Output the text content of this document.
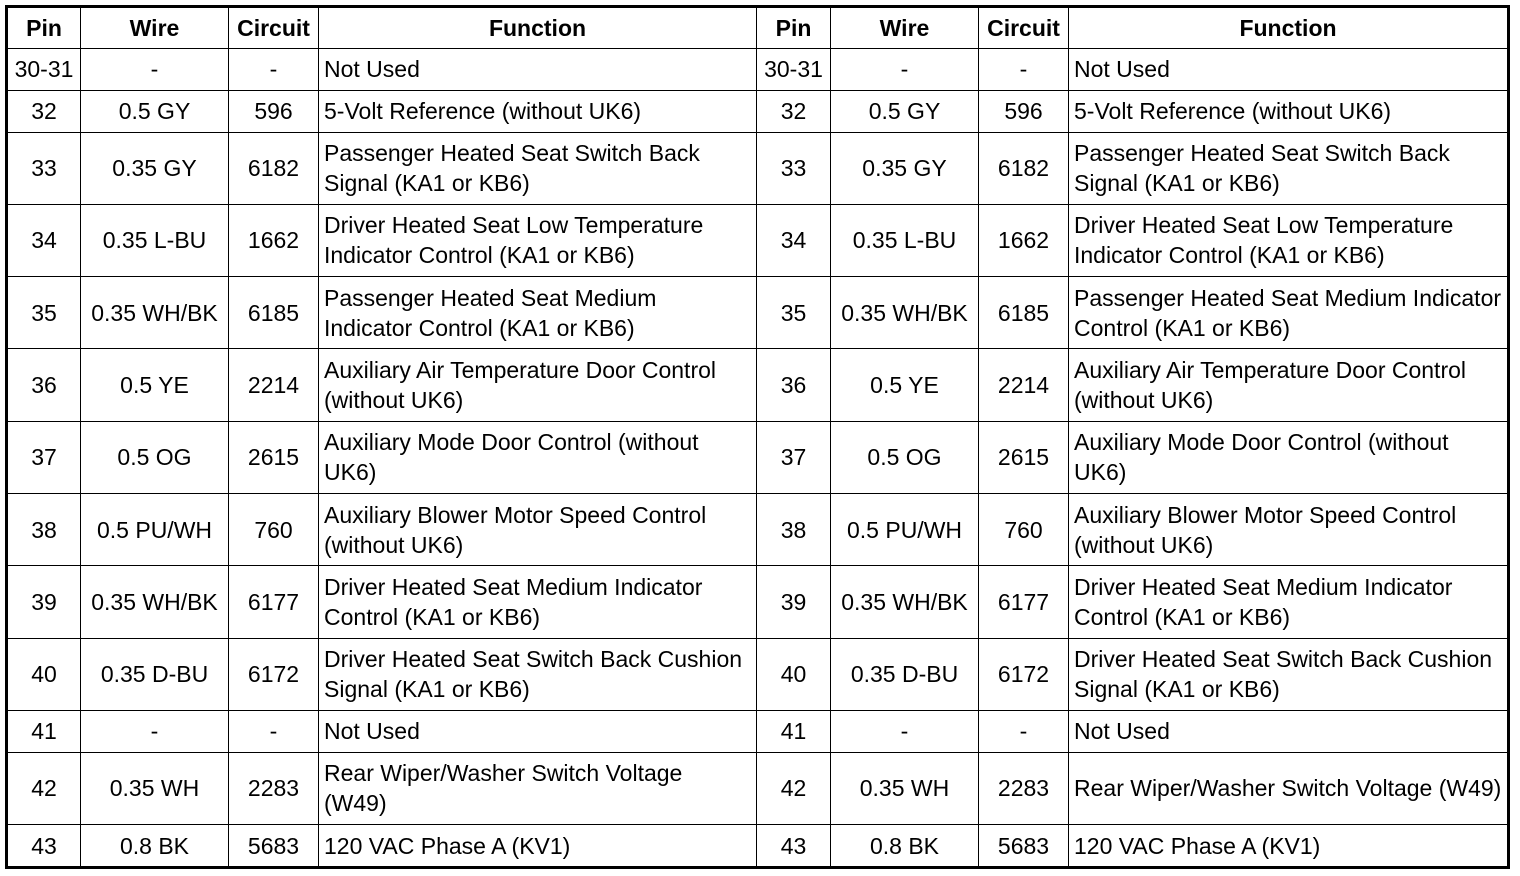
Pin	Wire	Circuit	Function	Pin	Wire	Circuit	Function
30-31	-	-	Not Used	30-31	-	-	Not Used
32	0.5 GY	596	5-Volt Reference (without UK6)	32	0.5 GY	596	5-Volt Reference (without UK6)
33	0.35 GY	6182	Passenger Heated Seat Switch Back Signal (KA1 or KB6)	33	0.35 GY	6182	Passenger Heated Seat Switch Back Signal (KA1 or KB6)
34	0.35 L-BU	1662	Driver Heated Seat Low Temperature Indicator Control (KA1 or KB6)	34	0.35 L-BU	1662	Driver Heated Seat Low Temperature Indicator Control (KA1 or KB6)
35	0.35 WH/BK	6185	Passenger Heated Seat Medium Indicator Control (KA1 or KB6)	35	0.35 WH/BK	6185	Passenger Heated Seat Medium Indicator Control (KA1 or KB6)
36	0.5 YE	2214	Auxiliary Air Temperature Door Control (without UK6)	36	0.5 YE	2214	Auxiliary Air Temperature Door Control (without UK6)
37	0.5 OG	2615	Auxiliary Mode Door Control (without UK6)	37	0.5 OG	2615	Auxiliary Mode Door Control (without UK6)
38	0.5 PU/WH	760	Auxiliary Blower Motor Speed Control (without UK6)	38	0.5 PU/WH	760	Auxiliary Blower Motor Speed Control (without UK6)
39	0.35 WH/BK	6177	Driver Heated Seat Medium Indicator Control (KA1 or KB6)	39	0.35 WH/BK	6177	Driver Heated Seat Medium Indicator Control (KA1 or KB6)
40	0.35 D-BU	6172	Driver Heated Seat Switch Back Cushion Signal (KA1 or KB6)	40	0.35 D-BU	6172	Driver Heated Seat Switch Back Cushion Signal (KA1 or KB6)
41	-	-	Not Used	41	-	-	Not Used
42	0.35 WH	2283	Rear Wiper/Washer Switch Voltage (W49)	42	0.35 WH	2283	Rear Wiper/Washer Switch Voltage (W49)
43	0.8 BK	5683	120 VAC Phase A (KV1)	43	0.8 BK	5683	120 VAC Phase A (KV1)
